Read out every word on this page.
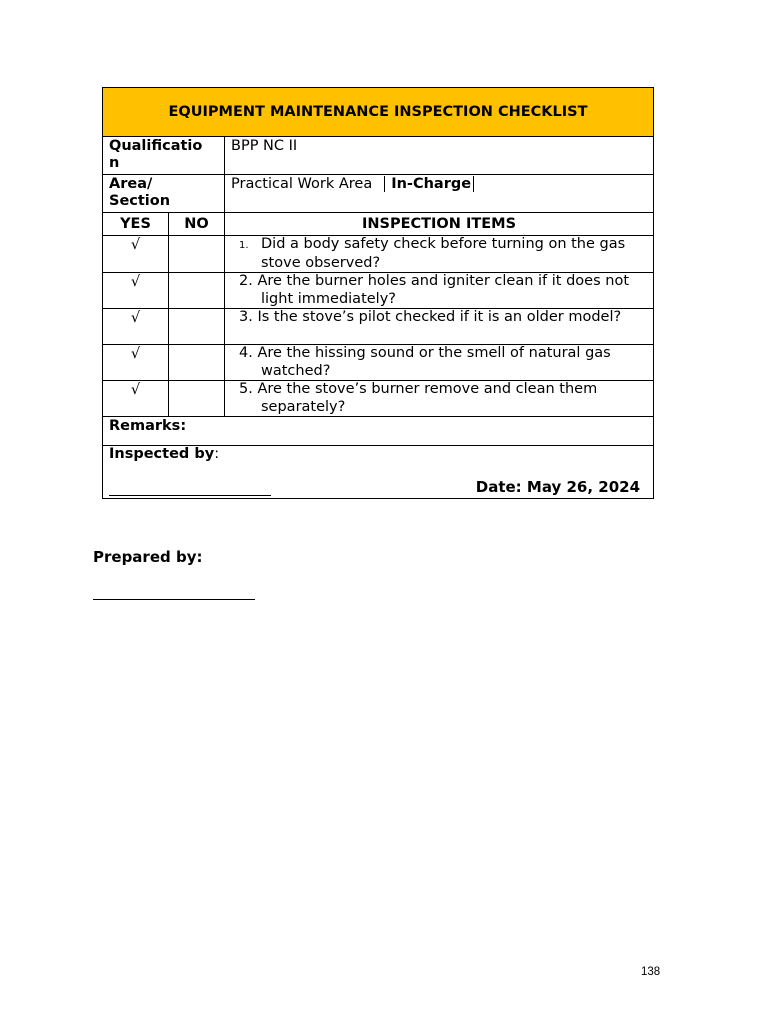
EQUIPMENT MAINTENANCE INSPECTION CHECKLIST		
Qualificatio
n		BPP NC II
Area/
Section		Practical Work Area In-Charge
YES	NO	INSPECTION ITEMS
√		1. Did a body safety check before turning on the gas stove observed?

√		2. Are the burner holes and igniter clean if it does not light immediately?

√		3. Is the stove’s pilot checked if it is an older model?

√		4. Are the hissing sound or the smell of natural gas watched?

√		5. Are the stove’s burner remove and clean them separately?

Remarks:		
Inspected by:
Date: May 26, 2024		
Prepared by:
138
